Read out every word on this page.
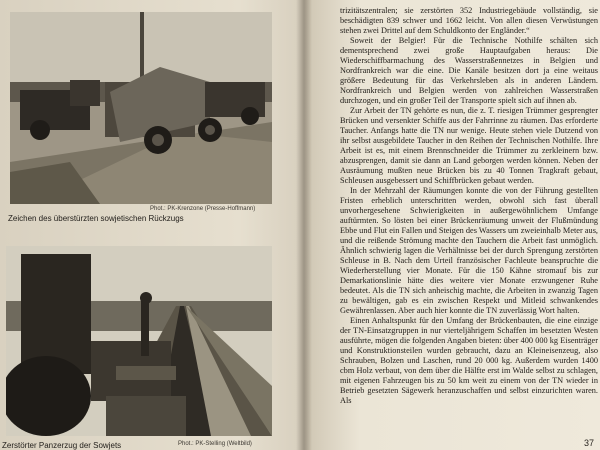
Phot.: PK-Krenzone (Presse-Hoffmann)
Zeichen des überstürzten sowjetischen Rückzugs
Phot.: PK-Stelling (Weltbild)
Zerstörter Panzerzug der Sowjets

trizitätszentralen; sie zerstörten 352 Industriegebäude vollständig, sie beschädigten 839 schwer und 1662 leicht. Von allen diesen Verwüstungen stehen zwei Drittel auf dem Schuldkonto der Engländer.“

Soweit der Belgier! Für die Technische Nothilfe schälten sich dementsprechend zwei große Hauptaufgaben heraus: Die Wiederschiffbarmachung des Wasserstraßennetzes in Belgien und Nordfrankreich war die eine. Die Kanäle besitzen dort ja eine weitaus größere Bedeutung für das Verkehrsleben als in anderen Ländern. Nordfrankreich und Belgien werden von zahlreichen Wasserstraßen durchzogen, und ein großer Teil der Transporte spielt sich auf ihnen ab.

Zur Arbeit der TN gehörte es nun, die z. T. riesigen Trümmer gesprengter Brücken und versenkter Schiffe aus der Fahrrinne zu räumen. Das erforderte Taucher. Anfangs hatte die TN nur wenige. Heute stehen viele Dutzend von ihr selbst ausgebildete Taucher in den Reihen der Technischen Nothilfe. Ihre Arbeit ist es, mit einem Brennschneider die Trümmer zu zerkleinern bzw. abzusprengen, damit sie dann an Land geborgen werden können. Neben der Ausräumung mußten neue Brücken bis zu 40 Tonnen Tragkraft gebaut, Schleusen ausgebessert und Schiffbrücken gebaut werden.

In der Mehrzahl der Räumungen konnte die von der Führung gestellten Fristen erheblich unterschritten werden, obwohl sich fast überall unvorhergesehene Schwierigkeiten in außergewöhnlichem Umfange auftürmten. So lösten bei einer Brückenräumung unweit der Flußmündung Ebbe und Flut ein Fallen und Steigen des Wassers um zweieinhalb Meter aus, und die reißende Strömung machte den Tauchern die Arbeit fast unmöglich. Ähnlich schwierig lagen die Verhältnisse bei der durch Sprengung zerstörten Schleuse in B. Nach dem Urteil französischer Fachleute beanspruchte die Wiederherstellung vier Monate. Für die 150 Kähne stromauf bis zur Demarkationslinie hätte dies weitere vier Monate erzwungener Ruhe bedeutet. Als die TN sich anheischig machte, die Arbeiten in zwanzig Tagen zu bewältigen, gab es ein zwischen Respekt und Mitleid schwankendes Gewährenlassen. Aber auch hier konnte die TN zuverlässig Wort halten.

Einen Anhaltspunkt für den Umfang der Brückenbauten, die eine einzige der TN-Einsatzgruppen in nur vierteljährigem Schaffen im besetzten Westen ausführte, mögen die folgenden Angaben bieten: über 400 000 kg Eisenträger und Konstruktionsteilen wurden gebraucht, dazu an Kleineisenzeug, also Schrauben, Bolzen und Laschen, rund 20 000 kg. Außerdem wurden 1400 cbm Holz verbaut, von dem über die Hälfte erst im Walde selbst zu schlagen, mit eigenen Fahrzeugen bis zu 50 km weit zu einem von der TN wieder in Betrieb gesetzten Sägewerk heranzuschaffen und selbst einzurichten waren. Als

37
